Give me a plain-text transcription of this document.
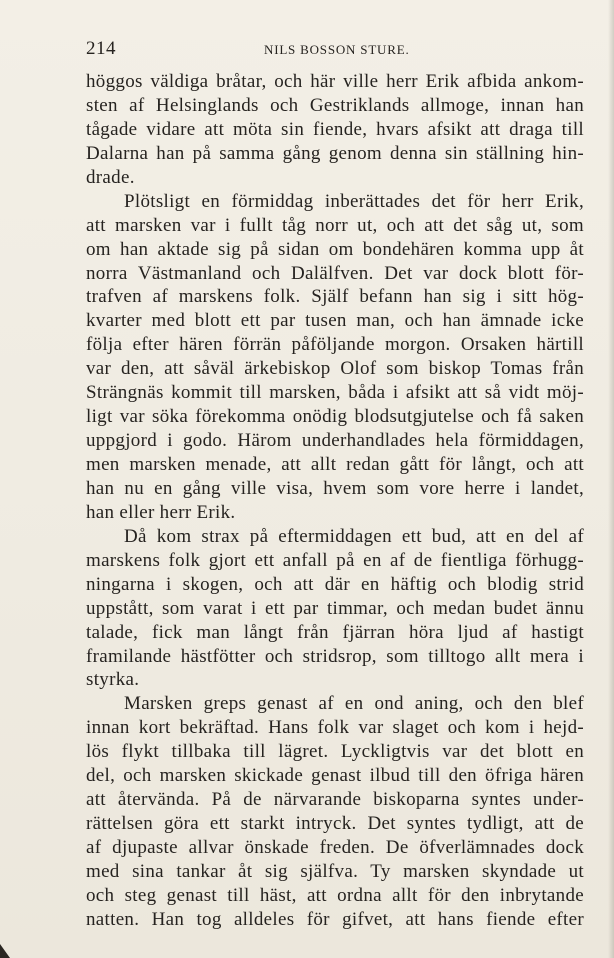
214	NILS BOSSON STURE.
höggos väldiga bråtar, och här ville herr Erik afbida ankom-
sten af Helsinglands och Gestriklands allmoge, innan han
tågade vidare att möta sin fiende, hvars afsikt att draga till
Dalarna han på samma gång genom denna sin ställning hin-
drade.
Plötsligt en förmiddag inberättades det för herr Erik,
att marsken var i fullt tåg norr ut, och att det såg ut, som
om han aktade sig på sidan om bondehären komma upp åt
norra Västmanland och Dalälfven. Det var dock blott för-
trafven af marskens folk. Själf befann han sig i sitt hög-
kvarter med blott ett par tusen man, och han ämnade icke
följa efter hären förrän påföljande morgon. Orsaken härtill
var den, att såväl ärkebiskop Olof som biskop Tomas från
Strängnäs kommit till marsken, båda i afsikt att så vidt möj-
ligt var söka förekomma onödig blodsutgjutelse och få saken
uppgjord i godo. Härom underhandlades hela förmiddagen,
men marsken menade, att allt redan gått för långt, och att
han nu en gång ville visa, hvem som vore herre i landet,
han eller herr Erik.
Då kom strax på eftermiddagen ett bud, att en del af
marskens folk gjort ett anfall på en af de fientliga förhugg-
ningarna i skogen, och att där en häftig och blodig strid
uppstått, som varat i ett par timmar, och medan budet ännu
talade, fick man långt från fjärran höra ljud af hastigt
framilande hästfötter och stridsrop, som tilltogo allt mera i
styrka.
Marsken greps genast af en ond aning, och den blef
innan kort bekräftad. Hans folk var slaget och kom i hejd-
lös flykt tillbaka till lägret. Lyckligtvis var det blott en
del, och marsken skickade genast ilbud till den öfriga hären
att återvända. På de närvarande biskoparna syntes under-
rättelsen göra ett starkt intryck. Det syntes tydligt, att de
af djupaste allvar önskade freden. De öfverlämnades dock
med sina tankar åt sig själfva. Ty marsken skyndade ut
och steg genast till häst, att ordna allt för den inbrytande
natten. Han tog alldeles för gifvet, att hans fiende efter
